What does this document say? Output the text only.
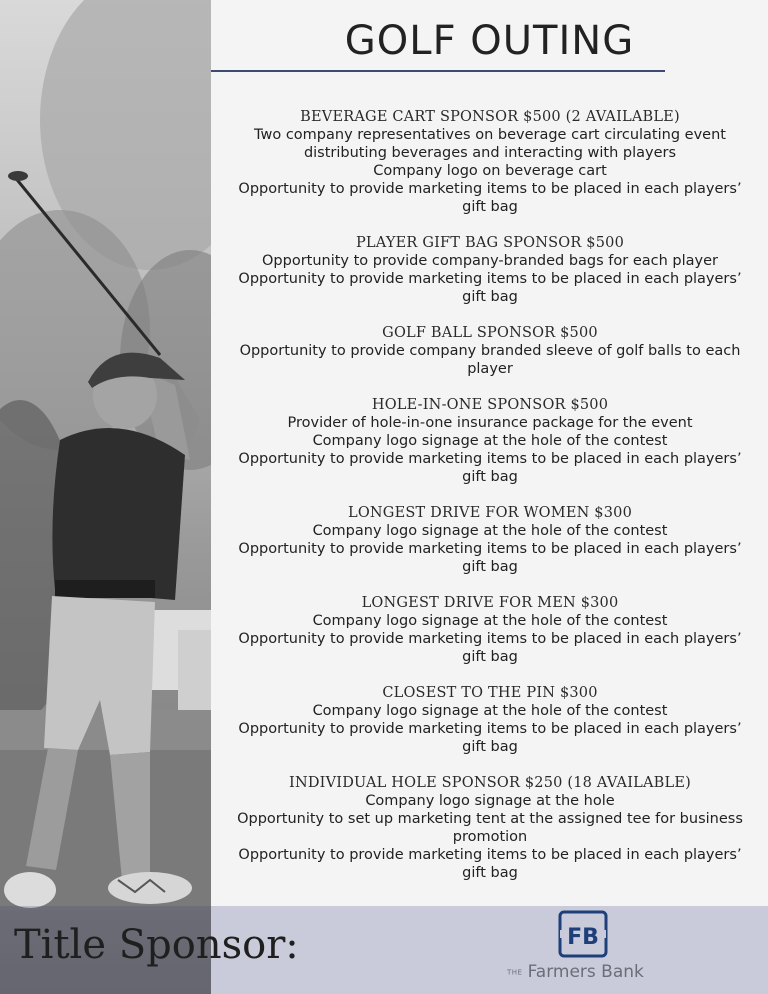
GOLF OUTING
BEVERAGE CART SPONSOR $500 (2 AVAILABLE)
Two company representatives on beverage cart circulating event distributing beverages and interacting with players
Company logo on beverage cart
Opportunity to provide marketing items to be placed in each players’ gift bag
PLAYER GIFT BAG SPONSOR $500
Opportunity to provide company-branded bags for each player
Opportunity to provide marketing items to be placed in each players’ gift bag
GOLF BALL SPONSOR $500
Opportunity to provide company branded sleeve of golf balls to each player
HOLE-IN-ONE SPONSOR $500
Provider of hole-in-one insurance package for the event
Company logo signage at the hole of the contest
Opportunity to provide marketing items to be placed in each players’ gift bag
LONGEST DRIVE FOR WOMEN $300
Company logo signage at the hole of the contest
Opportunity to provide marketing items to be placed in each players’ gift bag
LONGEST DRIVE FOR MEN $300
Company logo signage at the hole of the contest
Opportunity to provide marketing items to be placed in each players’ gift bag
CLOSEST TO THE PIN $300
Company logo signage at the hole of the contest
Opportunity to provide marketing items to be placed in each players’ gift bag
INDIVIDUAL HOLE SPONSOR $250 (18 AVAILABLE)
Company logo signage at the hole
Opportunity to set up marketing tent at the assigned tee for business promotion
Opportunity to provide marketing items to be placed in each players’ gift bag
Title Sponsor:	FB
THE Farmers Bank
